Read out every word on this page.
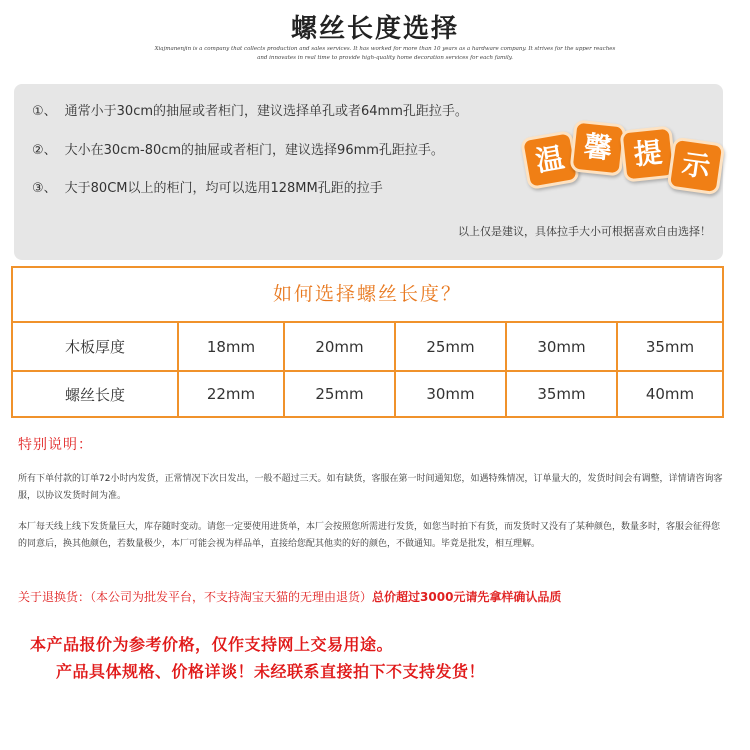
螺丝长度选择
Xiajmanenjin is a company that collects production and sales services. It has worked for more than 10 years as a hardware company. It strives for the upper reaches and innovates in real time to provide high-quality home decoration services for each family.
①、 通常小于30cm的抽屉或者柜门，建议选择单孔或者64mm孔距拉手。
②、 大小在30cm-80cm的抽屉或者柜门，建议选择96mm孔距拉手。
③、 大于80CM以上的柜门，均可以选用128MM孔距的拉手
以上仅是建议，具体拉手大小可根据喜欢自由选择！
温 馨 提 示
如何选择螺丝长度？
木板厚度	18mm	20mm	25mm	30mm	35mm
螺丝长度	22mm	25mm	30mm	35mm	40mm
特别说明：
所有下单付款的订单72小时内发货，正常情况下次日发出，一般不超过三天。如有缺货，客服在第一时间通知您，如遇特殊情况，订单量大的，发货时间会有调整，详情请咨询客服，以协议发货时间为准。
本厂每天线上线下发货量巨大，库存随时变动。请您一定要使用进货单，本厂会按照您所需进行发货，如您当时拍下有货，而发货时又没有了某种颜色，数量多时，客服会征得您的同意后，换其他颜色，若数量极少，本厂可能会视为样品单，直接给您配其他卖的好的颜色，不做通知。毕竟是批发，相互理解。
关于退换货：（本公司为批发平台，不支持淘宝天猫的无理由退货）总价超过3000元请先拿样确认品质
本产品报价为参考价格，仅作支持网上交易用途。
产品具体规格、价格详谈！未经联系直接拍下不支持发货！
